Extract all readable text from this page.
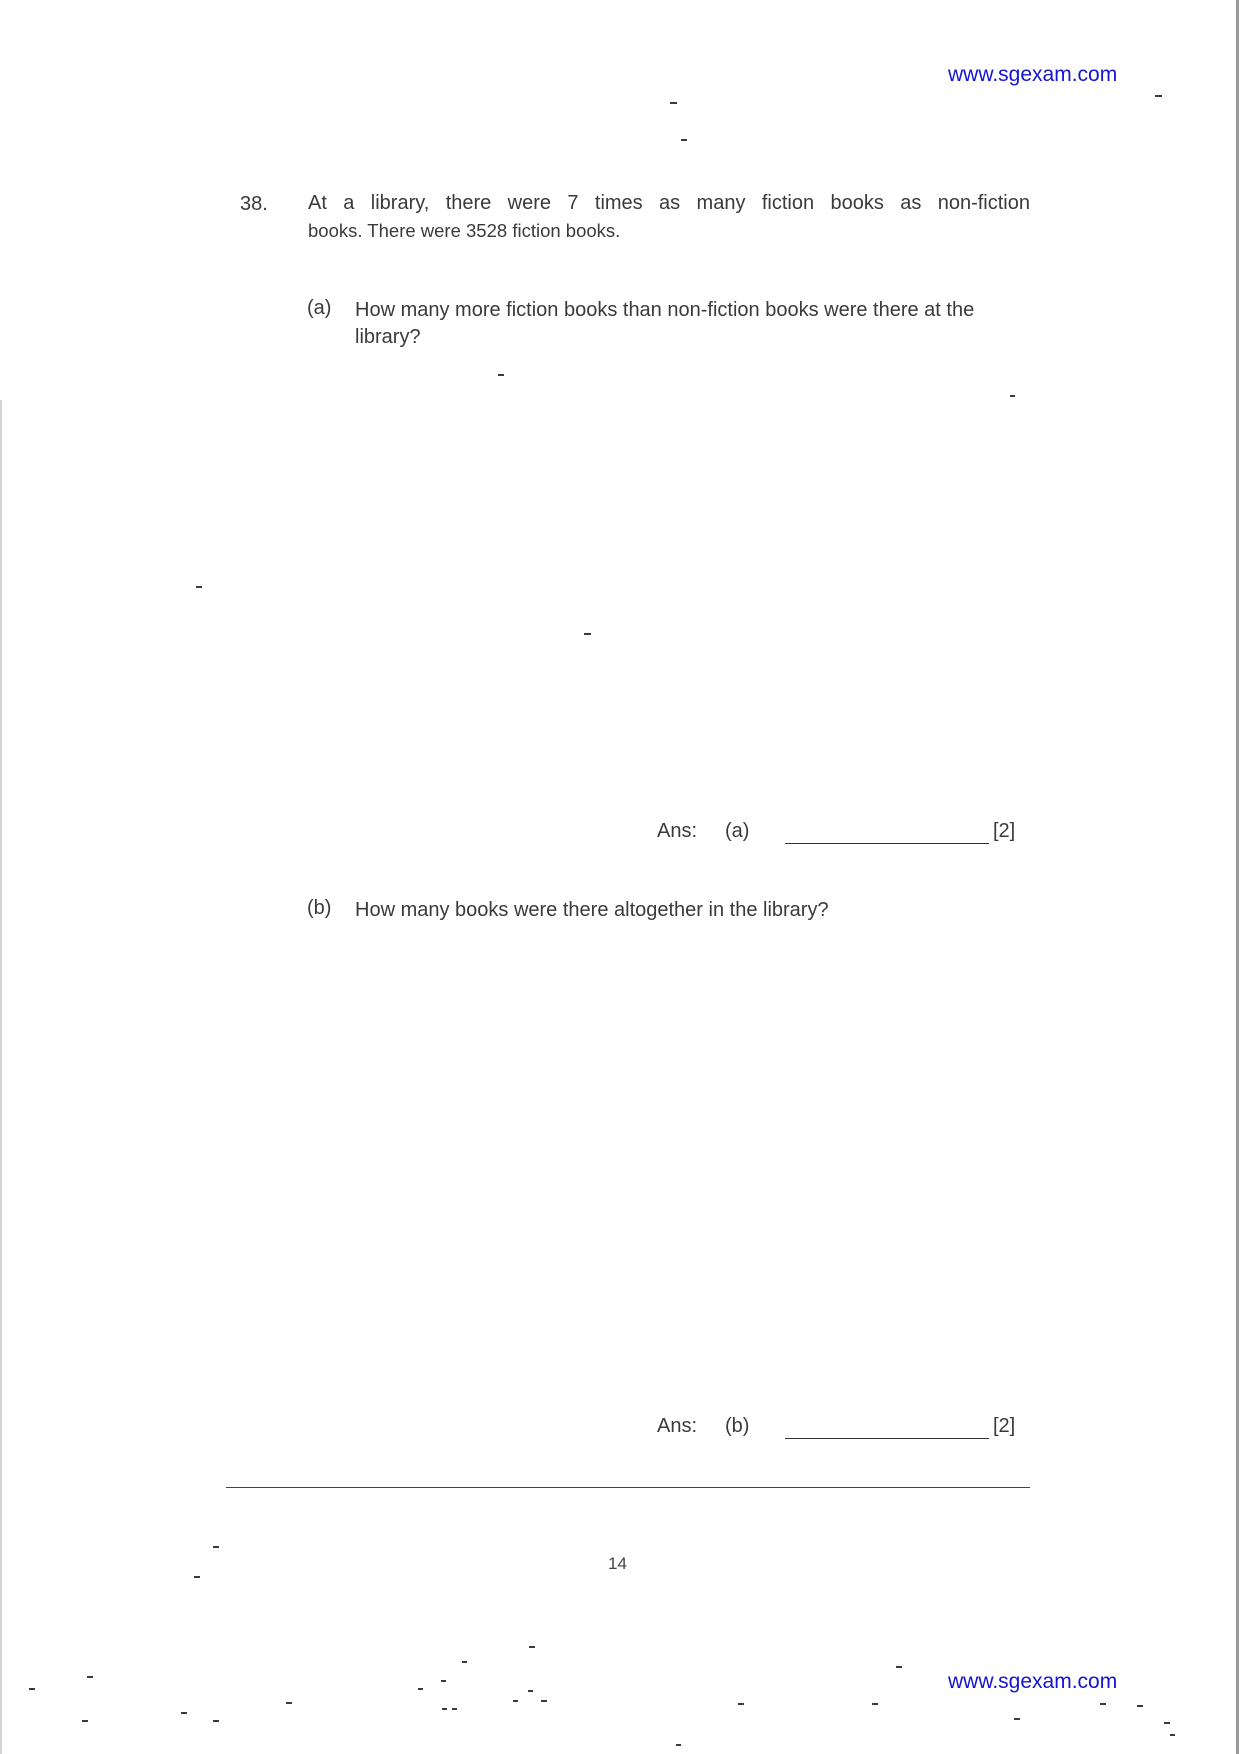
www.sgexam.com
38. At a library, there were 7 times as many fiction books as non-fiction
books. There were 3528 fiction books.
(a) How many more fiction books than non-fiction books were there at the library?
Ans: (a)	[2]
(b) How many books were there altogether in the library?
Ans: (b)	[2]
14
www.sgexam.com
